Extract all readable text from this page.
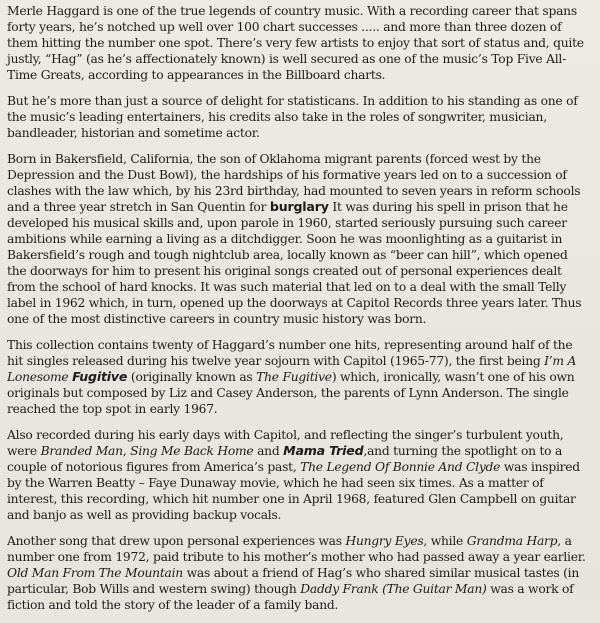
Merle Haggard is one of the true legends of country music. With a recording career that spans forty years, he’s notched up well over 100 chart successes ..... and more than three dozen of them hitting the number one spot. There’s very few artists to enjoy that sort of status and, quite justly, “Hag” (as he’s affectionately known) is well secured as one of the music’s Top Five All-Time Greats, according to appearances in the Billboard charts.

But he’s more than just a source of delight for statisticans. In addition to his standing as one of the music’s leading entertainers, his credits also take in the roles of songwriter, musician, bandleader, historian and sometime actor.

Born in Bakersfield, California, the son of Oklahoma migrant parents (forced west by the Depression and the Dust Bowl), the hardships of his formative years led on to a succession of clashes with the law which, by his 23rd birthday, had mounted to seven years in reform schools and a three year stretch in San Quentin for burglary It was during his spell in prison that he developed his musical skills and, upon parole in 1960, started seriously pursuing such career ambitions while earning a living as a ditchdigger. Soon he was moonlighting as a guitarist in Bakersfield’s rough and tough nightclub area, locally known as “beer can hill”, which opened the doorways for him to present his original songs created out of personal experiences dealt from the school of hard knocks. It was such material that led on to a deal with the small Telly label in 1962 which, in turn, opened up the doorways at Capitol Records three years later. Thus one of the most distinctive careers in country music history was born.

This collection contains twenty of Haggard’s number one hits, representing around half of the hit singles released during his twelve year sojourn with Capitol (1965-77), the first being I’m A Lonesome Fugitive (originally known as The Fugitive) which, ironically, wasn’t one of his own originals but composed by Liz and Casey Anderson, the parents of Lynn Anderson. The single reached the top spot in early 1967.

Also recorded during his early days with Capitol, and reflecting the singer’s turbulent youth, were Branded Man, Sing Me Back Home and Mama Tried,and turning the spotlight on to a couple of notorious figures from America’s past, The Legend Of Bonnie And Clyde was inspired by the Warren Beatty – Faye Dunaway movie, which he had seen six times. As a matter of interest, this recording, which hit number one in April 1968, featured Glen Campbell on guitar and banjo as well as providing backup vocals.

Another song that drew upon personal experiences was Hungry Eyes, while Grandma Harp, a number one from 1972, paid tribute to his mother’s mother who had passed away a year earlier. Old Man From The Mountain was about a friend of Hag’s who shared similar musical tastes (in particular, Bob Wills and western swing) though Daddy Frank (The Guitar Man) was a work of fiction and told the story of the leader of a family band.
